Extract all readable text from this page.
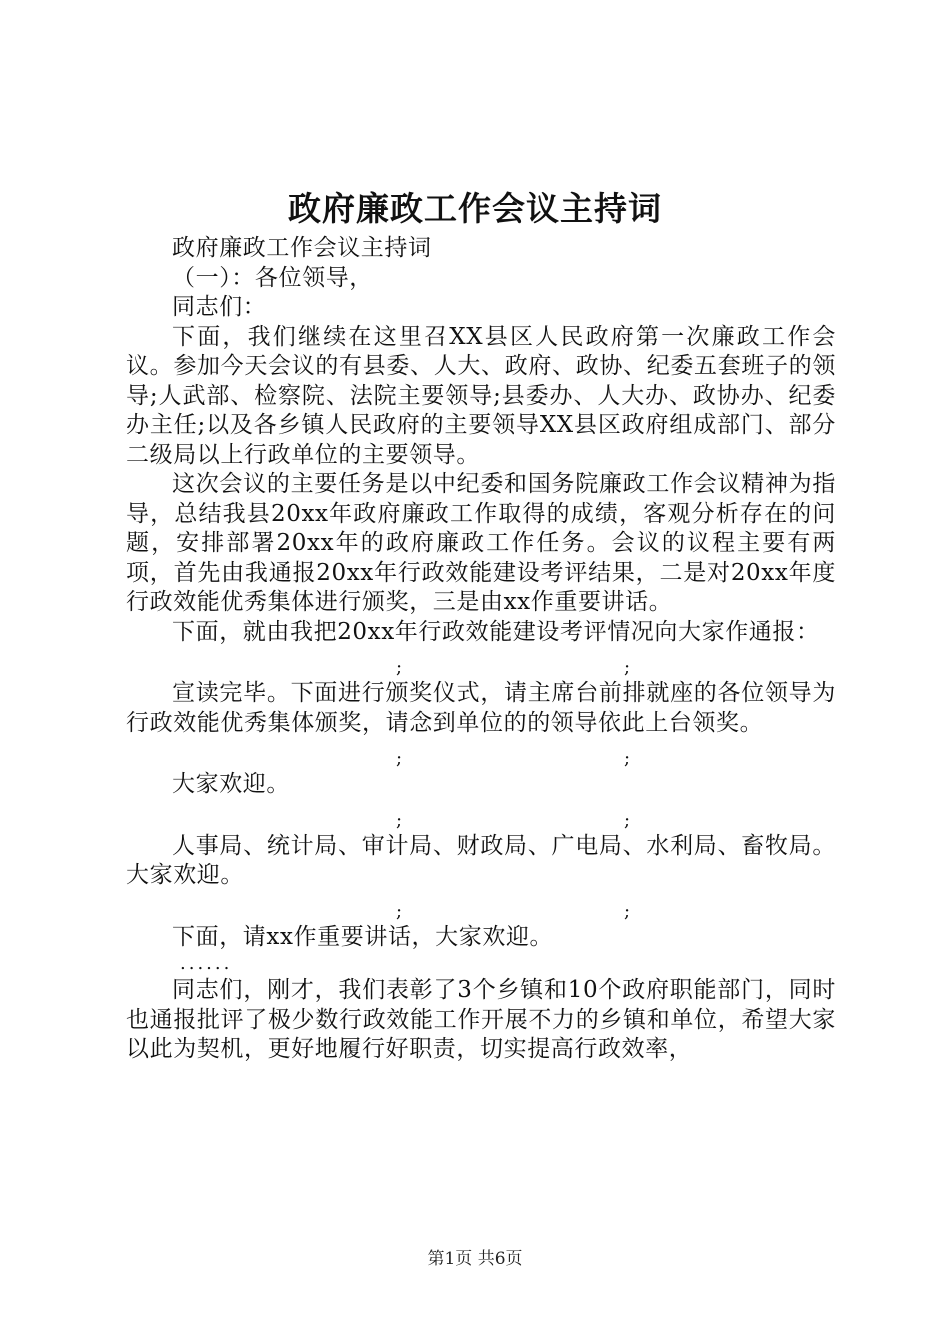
政府廉政工作会议主持词

政府廉政工作会议主持词

（一）：各位领导，

同志们：

下面，我们继续在这里召XX县区人民政府第一次廉政工作会议。参加今天会议的有县委、人大、政府、政协、纪委五套班子的领导;人武部、检察院、法院主要领导;县委办、人大办、政协办、纪委办主任;以及各乡镇人民政府的主要领导XX县区政府组成部门、部分二级局以上行政单位的主要领导。

这次会议的主要任务是以中纪委和国务院廉政工作会议精神为指导，总结我县20xx年政府廉政工作取得的成绩，客观分析存在的问题，安排部署20xx年的政府廉政工作任务。会议的议程主要有两项，首先由我通报20xx年行政效能建设考评结果，二是对20xx年度行政效能优秀集体进行颁奖，三是由xx作重要讲话。

下面，就由我把20xx年行政效能建设考评情况向大家作通报：

;	;

宣读完毕。下面进行颁奖仪式，请主席台前排就座的各位领导为行政效能优秀集体颁奖，请念到单位的的领导依此上台领奖。

;	;

大家欢迎。

;	;

人事局、统计局、审计局、财政局、广电局、水利局、畜牧局。大家欢迎。

;	;

下面，请xx作重要讲话，大家欢迎。

......

同志们，刚才，我们表彰了3个乡镇和10个政府职能部门，同时也通报批评了极少数行政效能工作开展不力的乡镇和单位，希望大家以此为契机，更好地履行好职责，切实提高行政效率，

第1页 共6页
